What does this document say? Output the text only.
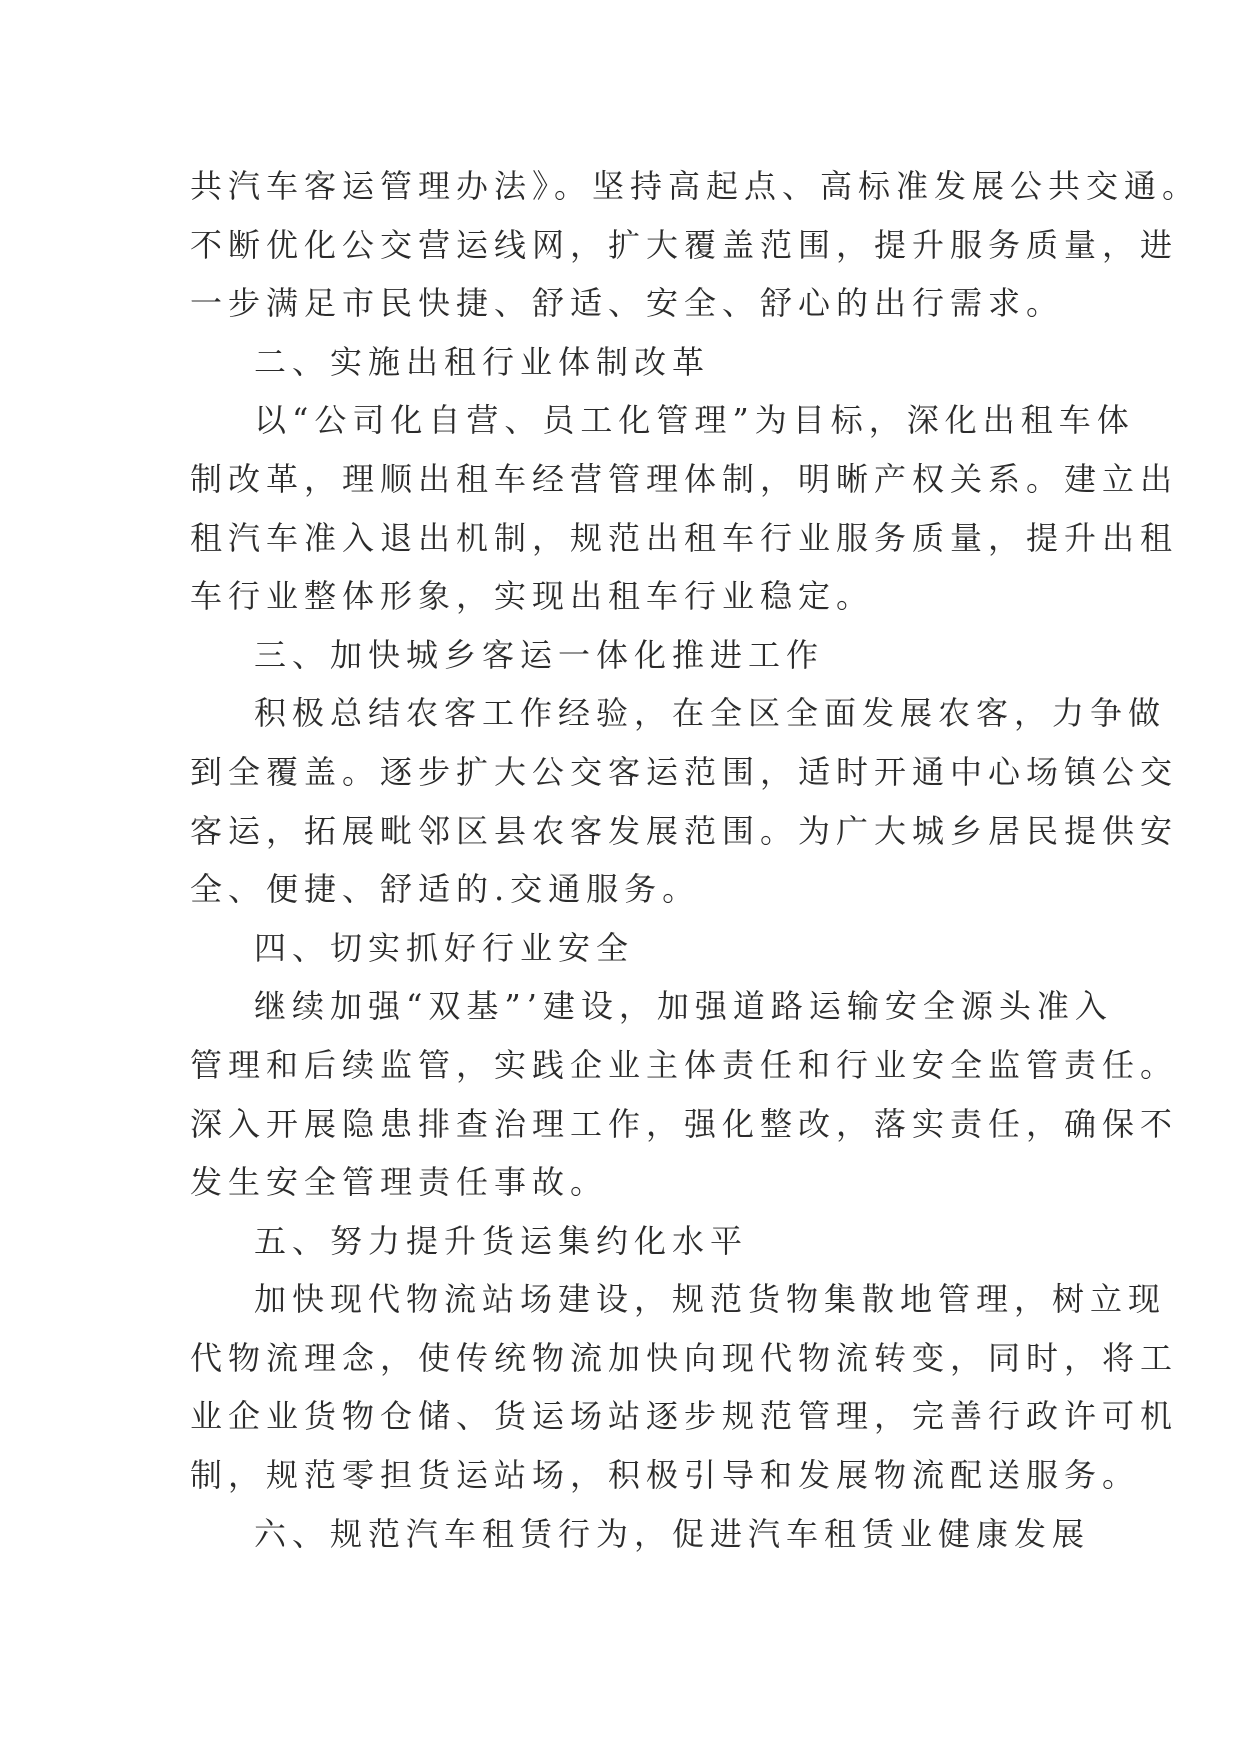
共汽车客运管理办法》。坚持高起点、高标准发展公共交通。
不断优化公交营运线网，扩大覆盖范围，提升服务质量，进
一步满足市民快捷、舒适、安全、舒心的出行需求。
二、实施出租行业体制改革
以“公司化自营、员工化管理”为目标，深化出租车体
制改革，理顺出租车经营管理体制，明晰产权关系。建立出
租汽车准入退出机制，规范出租车行业服务质量，提升出租
车行业整体形象，实现出租车行业稳定。
三、加快城乡客运一体化推进工作
积极总结农客工作经验，在全区全面发展农客，力争做
到全覆盖。逐步扩大公交客运范围，适时开通中心场镇公交
客运，拓展毗邻区县农客发展范围。为广大城乡居民提供安
全、便捷、舒适的.交通服务。
四、切实抓好行业安全
继续加强“双基”’建设，加强道路运输安全源头准入
管理和后续监管，实践企业主体责任和行业安全监管责任。
深入开展隐患排查治理工作，强化整改，落实责任，确保不
发生安全管理责任事故。
五、努力提升货运集约化水平
加快现代物流站场建设，规范货物集散地管理，树立现
代物流理念，使传统物流加快向现代物流转变，同时，将工
业企业货物仓储、货运场站逐步规范管理，完善行政许可机
制，规范零担货运站场，积极引导和发展物流配送服务。
六、规范汽车租赁行为，促进汽车租赁业健康发展
